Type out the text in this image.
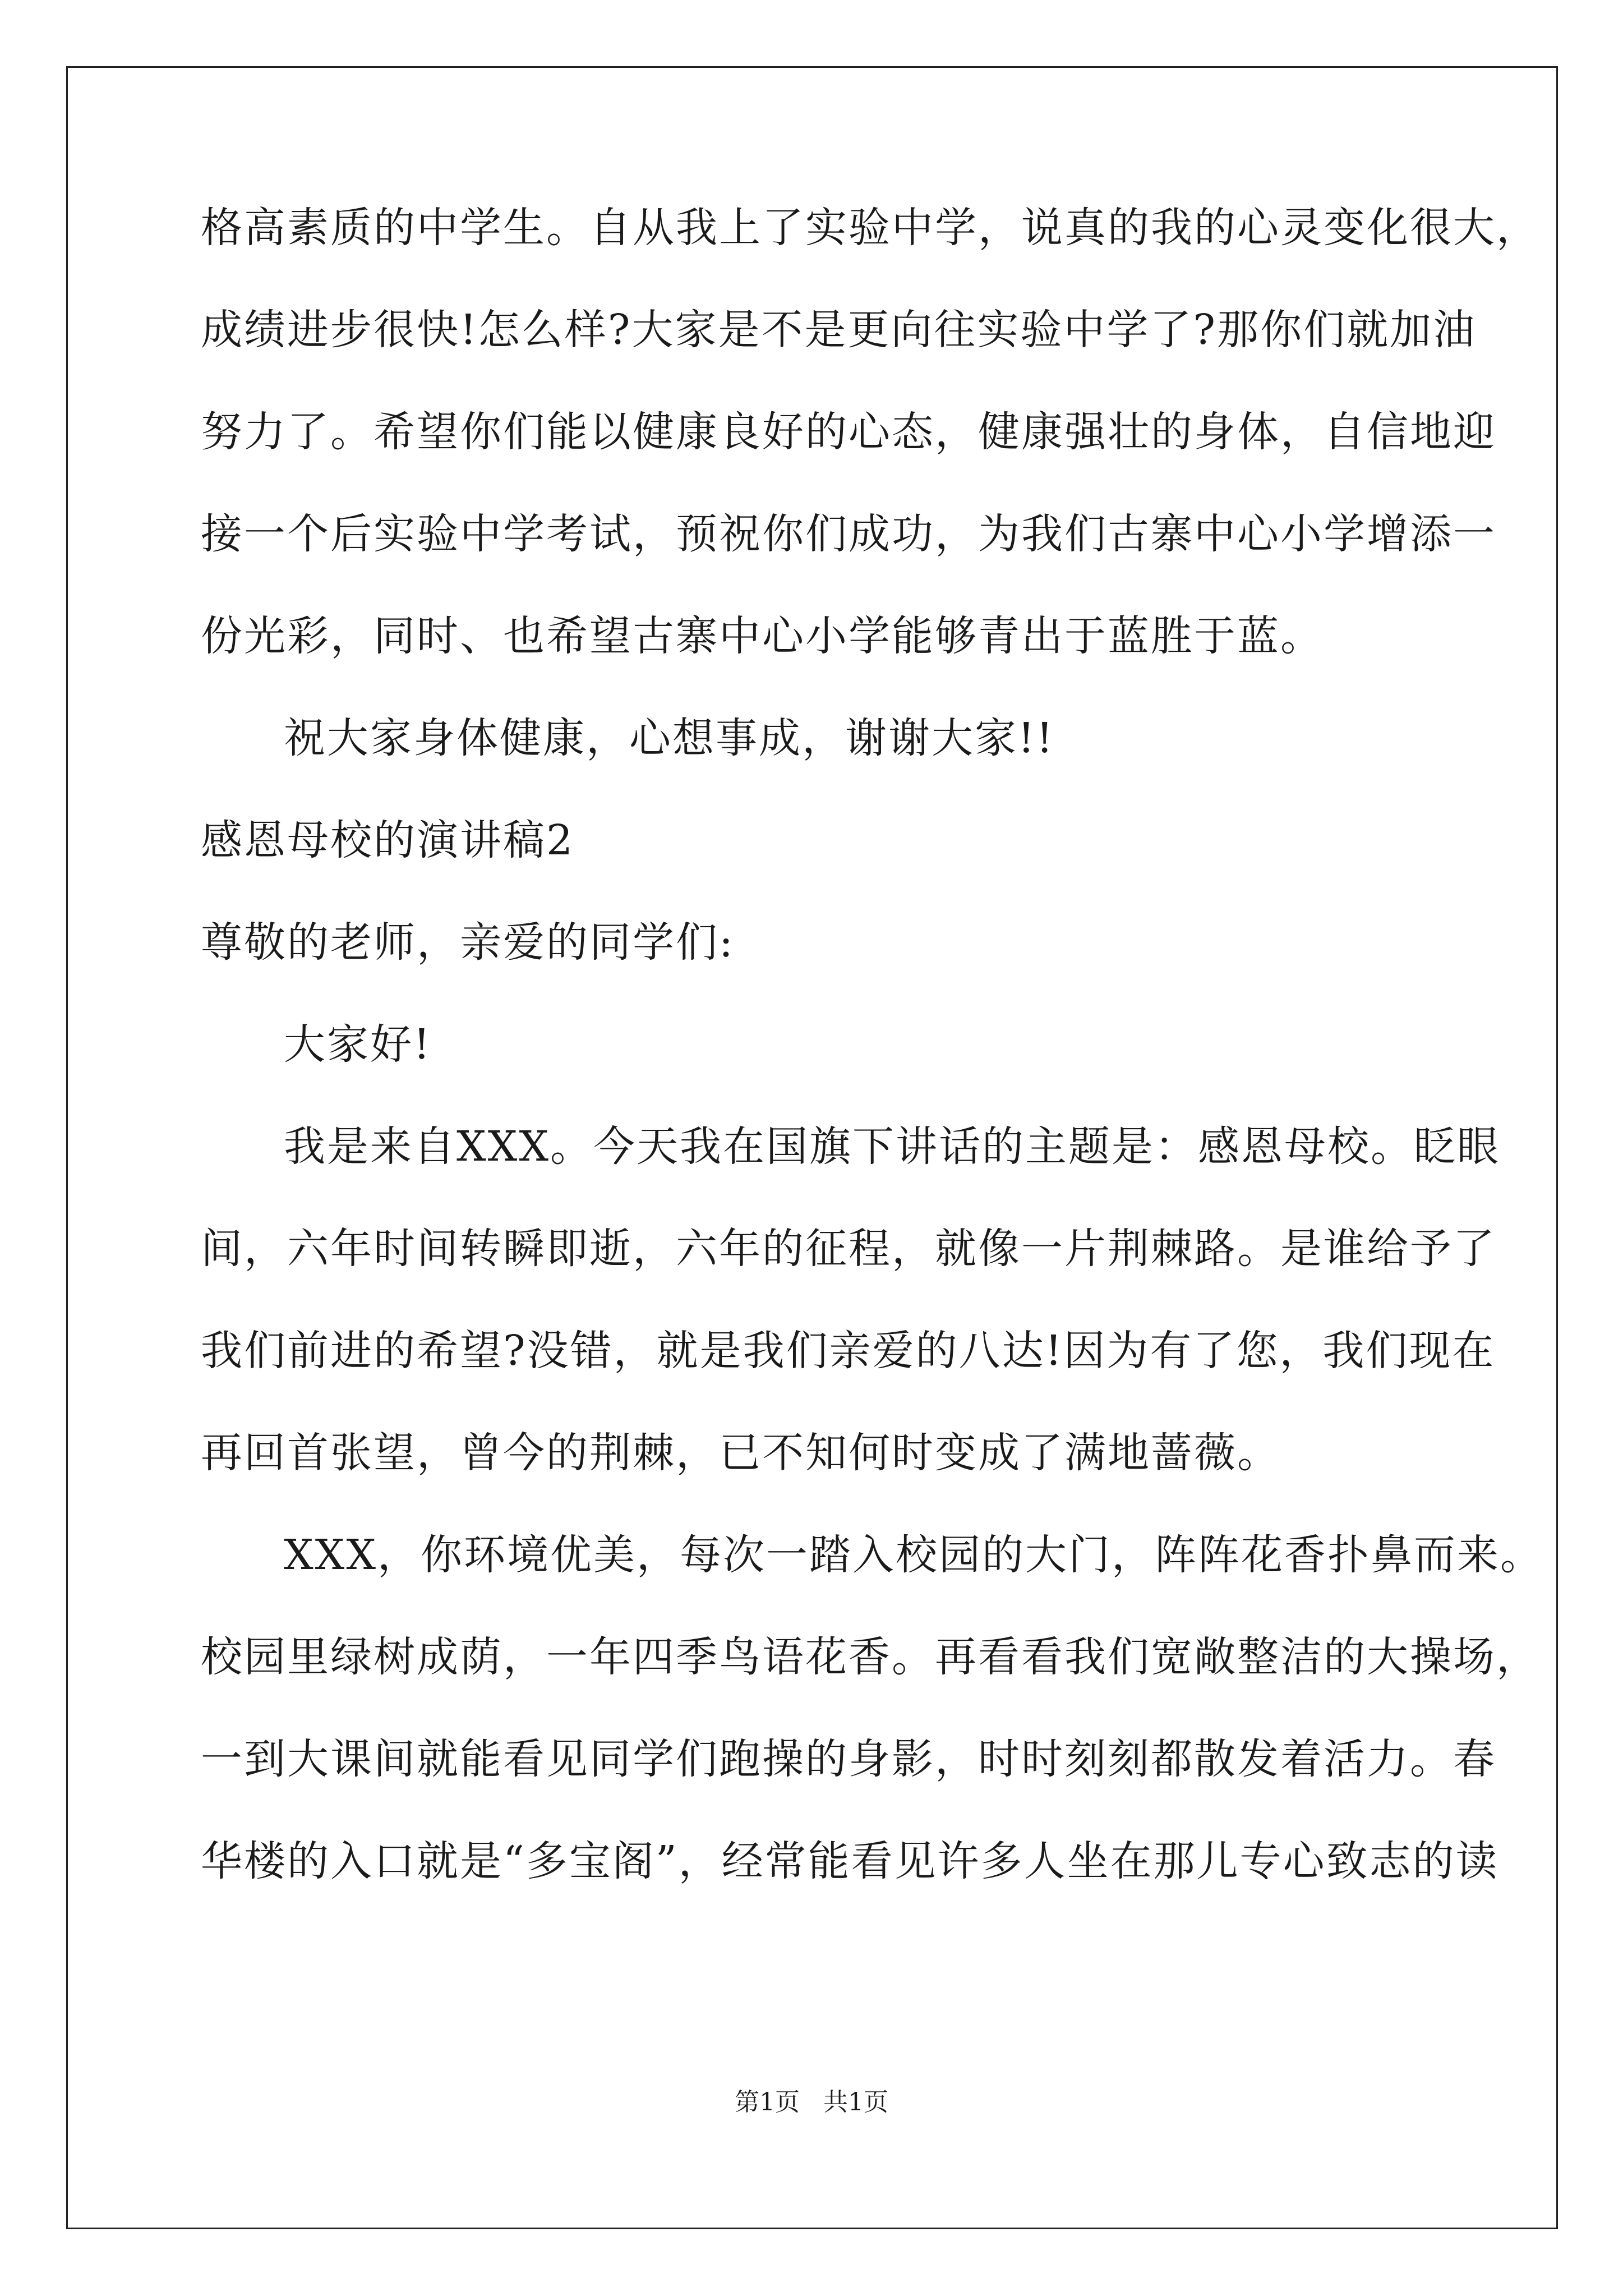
格高素质的中学生。自从我上了实验中学，说真的我的心灵变化很大，
成绩进步很快!怎么样?大家是不是更向往实验中学了?那你们就加油
努力了。希望你们能以健康良好的心态，健康强壮的身体，自信地迎
接一个后实验中学考试，预祝你们成功，为我们古寨中心小学增添一
份光彩，同时、也希望古寨中心小学能够青出于蓝胜于蓝。
祝大家身体健康，心想事成，谢谢大家!!
感恩母校的演讲稿2
尊敬的老师，亲爱的同学们:
大家好!
我是来自XXX。今天我在国旗下讲话的主题是：感恩母校。眨眼
间，六年时间转瞬即逝，六年的征程，就像一片荆棘路。是谁给予了
我们前进的希望?没错，就是我们亲爱的八达!因为有了您，我们现在
再回首张望，曾今的荆棘，已不知何时变成了满地蔷薇。
XXX，你环境优美，每次一踏入校园的大门，阵阵花香扑鼻而来。
校园里绿树成荫，一年四季鸟语花香。再看看我们宽敞整洁的大操场，
一到大课间就能看见同学们跑操的身影，时时刻刻都散发着活力。春
华楼的入口就是“多宝阁”，经常能看见许多人坐在那儿专心致志的读
第1页   共1页
